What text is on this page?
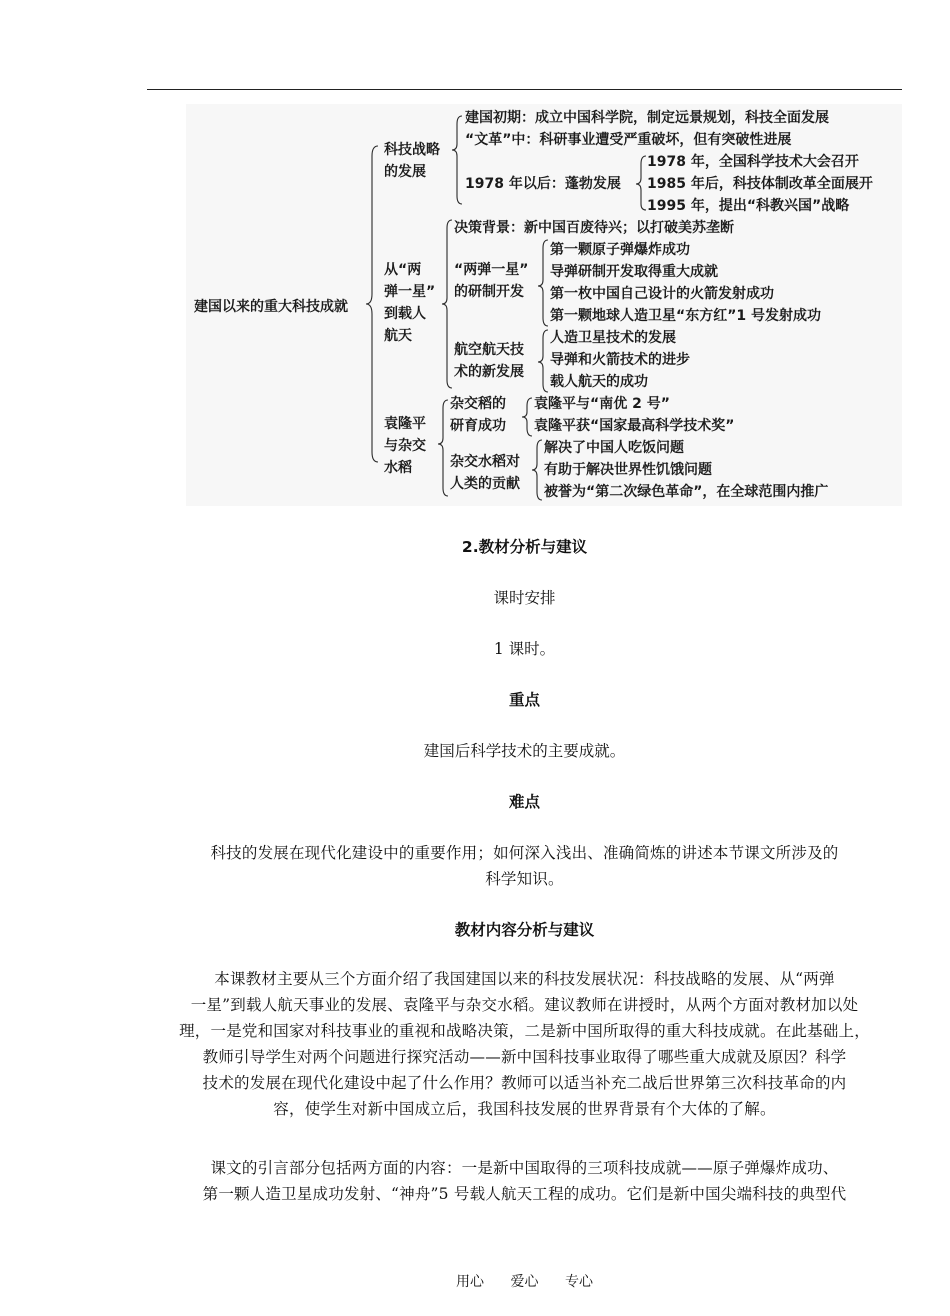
建国以来的重大科技成就
科技战略
的发展
建国初期：成立中国科学院，制定远景规划，科技全面发展
“文革”中：科研事业遭受严重破坏，但有突破性进展
1978 年以后：蓬勃发展
1978 年，全国科学技术大会召开
1985 年后，科技体制改革全面展开
1995 年，提出“科教兴国”战略
从“两
弹一星”
到载人
航天
决策背景：新中国百废待兴；以打破美苏垄断
“两弹一星”
的研制开发
第一颗原子弹爆炸成功
导弹研制开发取得重大成就
第一枚中国自己设计的火箭发射成功
第一颗地球人造卫星“东方红”1 号发射成功
航空航天技
术的新发展
人造卫星技术的发展
导弹和火箭技术的进步
载人航天的成功
袁隆平
与杂交
水稻
杂交稻的
研育成功
袁隆平与“南优 2 号”
袁隆平获“国家最高科学技术奖”
杂交水稻对
人类的贡献
解决了中国人吃饭问题
有助于解决世界性饥饿问题
被誉为“第二次绿色革命”，在全球范围内推广

2.教材分析与建议

课时安排

1 课时。

重点

建国后科学技术的主要成就。

难点

科技的发展在现代化建设中的重要作用；如何深入浅出、准确简炼的讲述本节课文所涉及的

科学知识。

教材内容分析与建议

本课教材主要从三个方面介绍了我国建国以来的科技发展状况：科技战略的发展、从“两弹

一星”到载人航天事业的发展、袁隆平与杂交水稻。建议教师在讲授时，从两个方面对教材加以处

理，一是党和国家对科技事业的重视和战略决策，二是新中国所取得的重大科技成就。在此基础上，

教师引导学生对两个问题进行探究活动——新中国科技事业取得了哪些重大成就及原因？科学

技术的发展在现代化建设中起了什么作用？教师可以适当补充二战后世界第三次科技革命的内

容，使学生对新中国成立后，我国科技发展的世界背景有个大体的了解。

课文的引言部分包括两方面的内容：一是新中国取得的三项科技成就——原子弹爆炸成功、

第一颗人造卫星成功发射、“神舟”5 号载人航天工程的成功。它们是新中国尖端科技的典型代

用心 爱心 专心
